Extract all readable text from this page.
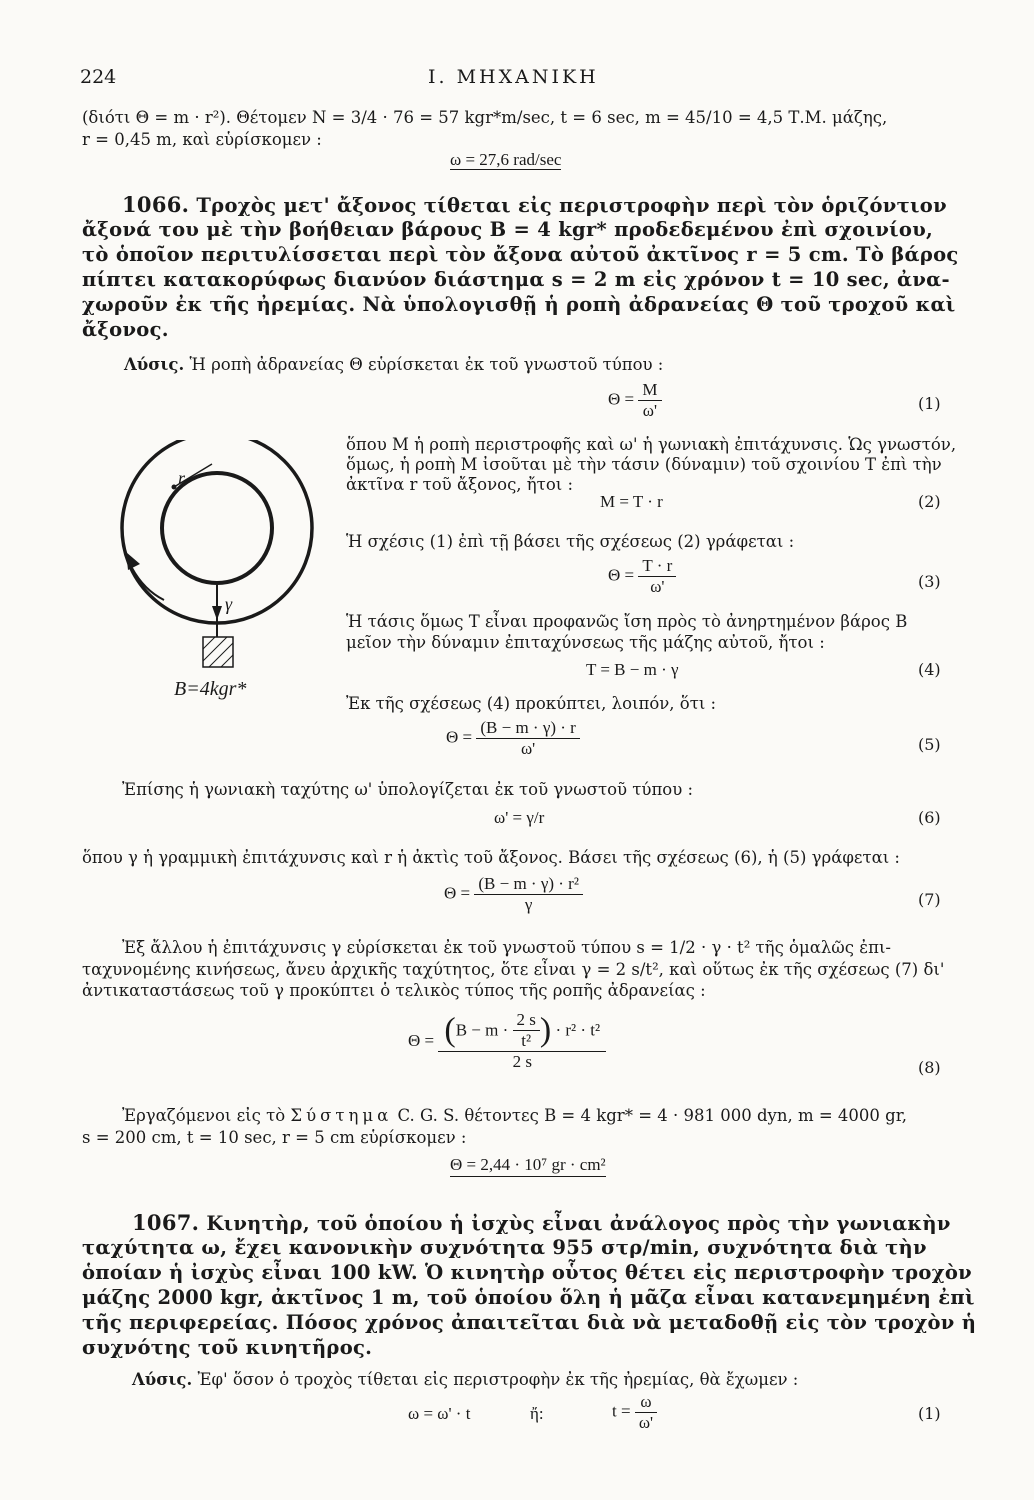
224	Ι. ΜΗΧΑΝΙΚΗ
(διότι Θ = m · r²). Θέτομεν N = 3/4 · 76 = 57 kgr*m/sec, t = 6 sec, m = 45/10 = 4,5 Τ.Μ. μάζης,
r = 0,45 m, καὶ εὑρίσκομεν :
ω = 27,6 rad/sec
1066. Τροχὸς μετ' ἄξονος τίθεται εἰς περιστροφὴν περὶ τὸν ὁριζόντιον
ἄξονά του μὲ τὴν βοήθειαν βάρους B = 4 kgr* προδεδεμένου ἐπὶ σχοινίου,
τὸ ὁποῖον περιτυλίσσεται περὶ τὸν ἄξονα αὐτοῦ ἀκτῖνος r = 5 cm. Τὸ βάρος
πίπτει κατακορύφως διανύον διάστημα s = 2 m εἰς χρόνον t = 10 sec, ἀνα-
χωροῦν ἐκ τῆς ἠρεμίας. Νὰ ὑπολογισθῇ ἡ ροπὴ ἀδρανείας Θ τοῦ τροχοῦ καὶ
ἄξονος.
Λύσις. Ἡ ροπὴ ἀδρανείας Θ εὑρίσκεται ἐκ τοῦ γνωστοῦ τύπου :
$\Theta = \frac{M}{\omega'}$	(1)
r
γ
B=4kgr*
ὅπου M ἡ ροπὴ περιστροφῆς καὶ ω' ἡ γωνιακὴ ἐπιτάχυνσις. Ὡς γνωστόν,
ὅμως, ἡ ροπὴ M ἰσοῦται μὲ τὴν τάσιν (δύναμιν) τοῦ σχοινίου T ἐπὶ τὴν
ἀκτῖνα r τοῦ ἄξονος, ἤτοι :
M = T · r	(2)
Ἡ σχέσις (1) ἐπὶ τῇ βάσει τῆς σχέσεως (2) γράφεται :
$\Theta = \frac{T \cdot r}{\omega'}$	(3)
Ἡ τάσις ὅμως T εἶναι προφανῶς ἴση πρὸς τὸ ἀνηρτημένον βάρος B
μεῖον τὴν δύναμιν ἐπιταχύνσεως τῆς μάζης αὐτοῦ, ἤτοι :
T = B − m · γ	(4)
Ἐκ τῆς σχέσεως (4) προκύπτει, λοιπόν, ὅτι :
$\Theta = \frac{(B - m \cdot \gamma) \cdot r}{\omega'}$	(5)
Ἐπίσης ἡ γωνιακὴ ταχύτης ω' ὑπολογίζεται ἐκ τοῦ γνωστοῦ τύπου :
ω' = γ/r	(6)
ὅπου γ ἡ γραμμικὴ ἐπιτάχυνσις καὶ r ἡ ἀκτὶς τοῦ ἄξονος. Βάσει τῆς σχέσεως (6), ἡ (5) γράφεται :
$\Theta = \frac{\text{(B − m · γ) · r²}}{\gamma}$	(7)
Ἐξ ἄλλου ἡ ἐπιτάχυνσις γ εὑρίσκεται ἐκ τοῦ γνωστοῦ τύπου s = 1/2 · γ · t² τῆς ὁμαλῶς ἐπι-
ταχυνομένης κινήσεως, ἄνευ ἀρχικῆς ταχύτητος, ὅτε εἶναι γ = 2 s/t², καὶ οὕτως ἐκ τῆς σχέσεως (7) δι'
ἀντικαταστάσεως τοῦ γ προκύπτει ὁ τελικὸς τύπος τῆς ροπῆς ἀδρανείας :
$\Theta = (B - m \cdot \frac{2 s}{\text{t²}}$ ) · r² · t²
2 s	(8)
Ἐργαζόμενοι εἰς τὸ Σύστημα C. G. S. θέτοντες B = 4 kgr* = 4 · 981 000 dyn, m = 4000 gr,
s = 200 cm, t = 10 sec, r = 5 cm εὑρίσκομεν :
Θ = 2,44 · 10⁷ gr · cm²
1067. Κινητὴρ, τοῦ ὁποίου ἡ ἰσχὺς εἶναι ἀνάλογος πρὸς τὴν γωνιακὴν
ταχύτητα ω, ἔχει κανονικὴν συχνότητα 955 στρ/min, συχνότητα διὰ τὴν
ὁποίαν ἡ ἰσχὺς εἶναι 100 kW. Ὁ κινητὴρ οὗτος θέτει εἰς περιστροφὴν τροχὸν
μάζης 2000 kgr, ἀκτῖνος 1 m, τοῦ ὁποίου ὅλη ἡ μᾶζα εἶναι κατανεμημένη ἐπὶ
τῆς περιφερείας. Πόσος χρόνος ἀπαιτεῖται διὰ νὰ μεταδοθῇ εἰς τὸν τροχὸν ἡ
συχνότης τοῦ κινητῆρος.
Λύσις. Ἐφ' ὅσον ὁ τροχὸς τίθεται εἰς περιστροφὴν ἐκ τῆς ἠρεμίας, θὰ ἔχωμεν :
ω = ω' · t	ἤ:	$t = \frac{\omega}{\omega'}$	(1)
